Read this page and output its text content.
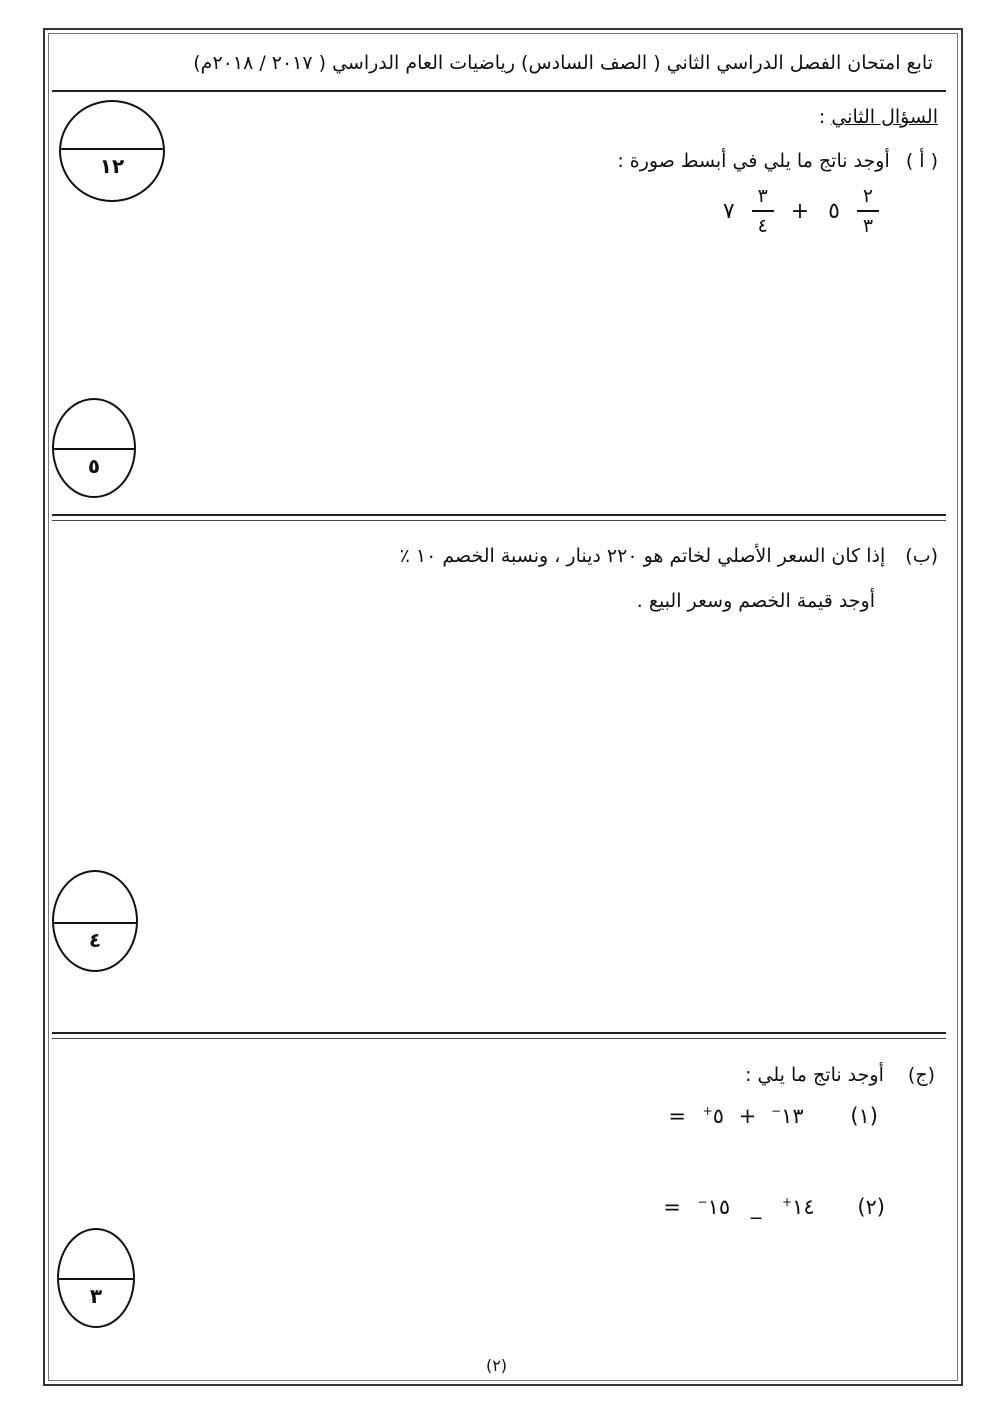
تابع امتحان الفصل الدراسي الثاني ( الصف السادس) رياضيات العام الدراسي ( ٢٠١٧ / ٢٠١٨م)
١٢
السؤال الثاني :
( أ ) أوجد ناتج ما يلي في أبسط صورة :
$\frac{٢}{٣}$
٥ +
$\frac{٣}{٤}$
٧
٥
(ب) إذا كان السعر الأصلي لخاتم هو ٢٢٠ دينار ، ونسبة الخصم ١٠ ٪
أوجد قيمة الخصم وسعر البيع .
٤
(ج) أوجد ناتج ما يلي :
(١) ١٣− + ٥+ =
(٢) ١٤+ _ ١٥− =
٣
(٢)
